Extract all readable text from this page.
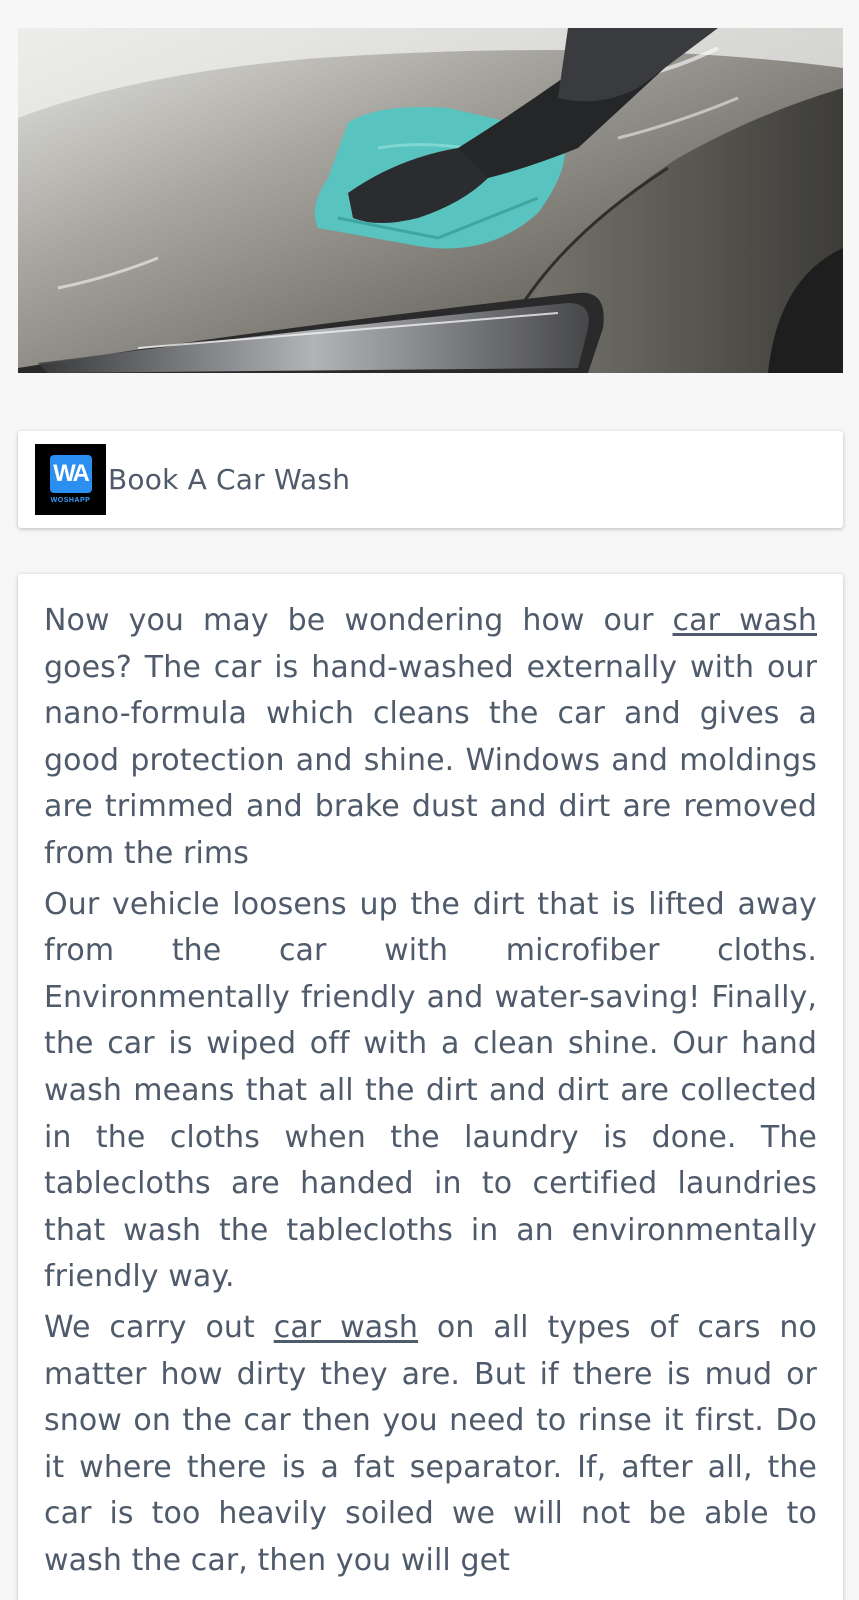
WA
WOSHAPP
Book A Car Wash

Now you may be wondering how our car wash goes? The car is hand-washed externally with our nano-formula which cleans the car and gives a good protection and shine. Windows and moldings are trimmed and brake dust and dirt are removed from the rims

Our vehicle loosens up the dirt that is lifted away from the car with microfiber cloths. Environmentally friendly and water-saving! Finally, the car is wiped off with a clean shine. Our hand wash means that all the dirt and dirt are collected in the cloths when the laundry is done. The tablecloths are handed in to certified laundries that wash the tablecloths in an environmentally friendly way.

We carry out car wash on all types of cars no matter how dirty they are. But if there is mud or snow on the car then you need to rinse it first. Do it where there is a fat separator. If, after all, the car is too heavily soiled we will not be able to wash the car, then you will get
